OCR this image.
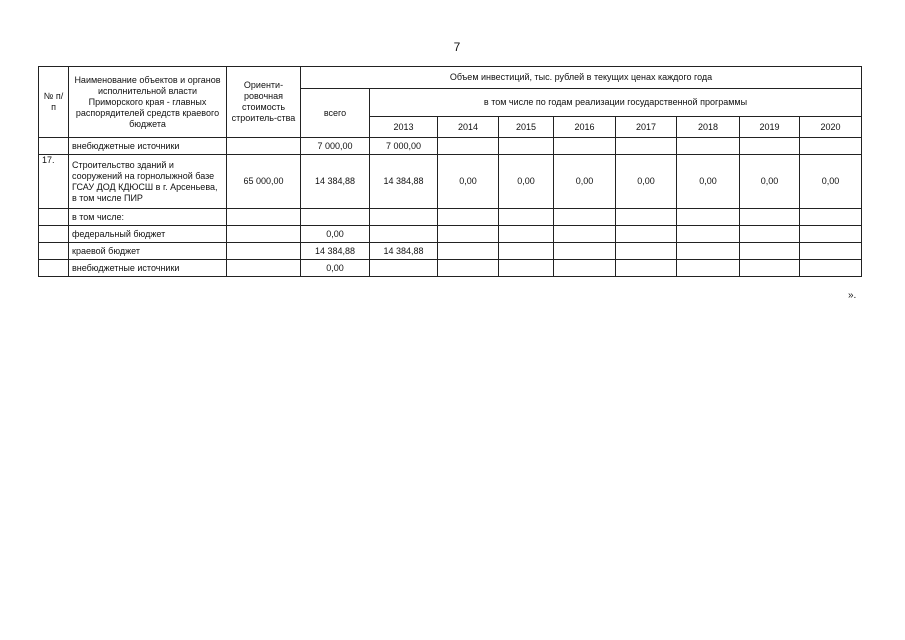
7
№ п/п	Наименование объектов и органов исполнительной власти Приморского края - главных распорядителей средств краевого бюджета	Ориенти-ровочная стоимость строитель-ства	Объем инвестиций, тыс. рублей в текущих ценах каждого года								
			всего	в том числе по годам реализации государственной программы							
				2013	2014	2015	2016	2017	2018	2019	2020
	внебюджетные источники		7 000,00	7 000,00							
17.	Строительство зданий и сооружений на горнолыжной базе ГСАУ ДОД КДЮСШ в г. Арсеньева, в том числе ПИР	65 000,00	14 384,88	14 384,88	0,00	0,00	0,00	0,00	0,00	0,00	0,00
	в том числе:										
	федеральный бюджет		0,00								
	краевой бюджет		14 384,88	14 384,88							
	внебюджетные источники		0,00								
».
